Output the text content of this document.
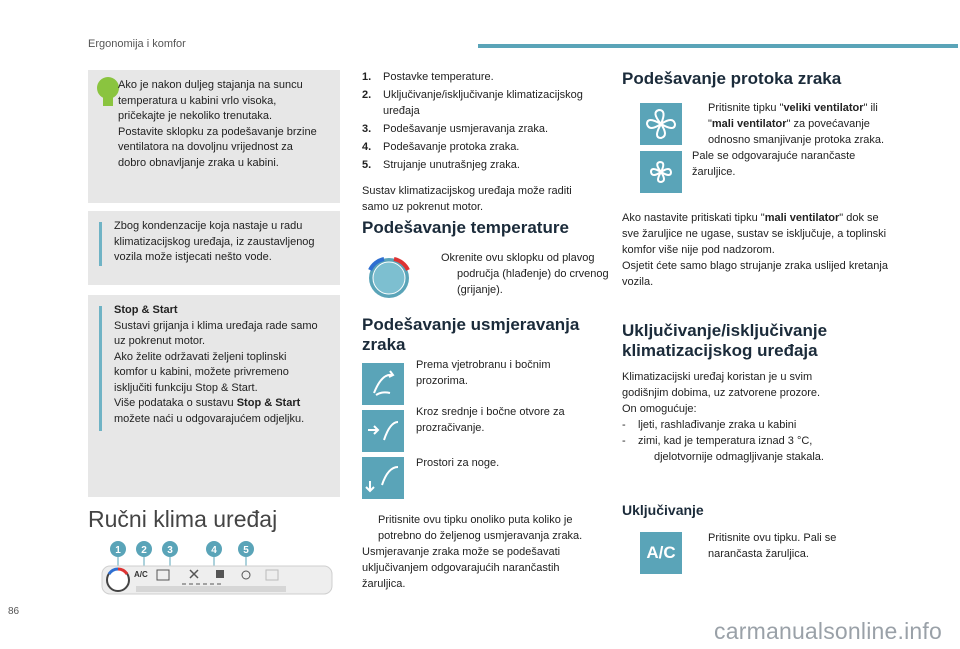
Ergonomija i komfor
86
carmanualsonline.info
Ako je nakon duljeg stajanja na suncu
temperatura u kabini vrlo visoka,
pričekajte je nekoliko trenutaka.
Postavite sklopku za podešavanje brzine
ventilatora na dovoljnu vrijednost za
dobro obnavljanje zraka u kabini.
Zbog kondenzacije koja nastaje u radu
klimatizacijskog uređaja, iz zaustavljenog
vozila može istjecati nešto vode.
Stop & Start
Sustavi grijanja i klima uređaja rade samo
uz pokrenut motor.
Ako želite održavati željeni toplinski
komfor u kabini, možete privremeno
isključiti funkciju Stop & Start.
Više podataka o sustavu Stop & Start
možete naći u odgovarajućem odjeljku.
Ručni klima uređaj
1 2 3	4	5
A/C
1.	Postavke temperature.
2.	Uključivanje/isključivanje klimatizacijskog uređaja
3.	Podešavanje usmjeravanja zraka.
4.	Podešavanje protoka zraka.
5.	Strujanje unutrašnjeg zraka.
Sustav klimatizacijskog uređaja može raditi
samo uz pokrenut motor.
Podešavanje temperature
Okrenite ovu sklopku od plavog
područja (hlađenje) do crvenog
(grijanje).
Podešavanje usmjeravanja
zraka
Prema vjetrobranu i bočnim
prozorima.
Kroz srednje i bočne otvore za
prozračivanje.
Prostori za noge.
Pritisnite ovu tipku onoliko puta koliko je
potrebno do željenog usmjeravanja zraka.
Usmjeravanje zraka može se podešavati
uključivanjem odgovarajućih narančastih
žaruljica.
Podešavanje protoka zraka
Pritisnite tipku "veliki ventilator" ili "mali ventilator" za povećavanje odnosno smanjivanje protoka zraka.
Pale se odgovarajuće narančaste žaruljice.
Ako nastavite pritiskati tipku "mali ventilator" dok se sve žaruljice ne ugase, sustav se isključuje, a toplinski komfor više nije pod nadzorom.
Osjetit ćete samo blago strujanje zraka uslijed kretanja vozila.
Uključivanje/isključivanje
klimatizacijskog uređaja
Klimatizacijski uređaj koristan je u svim
godišnjim dobima, uz zatvorene prozore.
On omogućuje:
-	ljeti, rashlađivanje zraka u kabini
-	zimi, kad je temperatura iznad 3 °C,
djelotvornije odmagljivanje stakala.
Uključivanje
A/C
Pritisnite ovu tipku. Pali se
narančasta žaruljica.
